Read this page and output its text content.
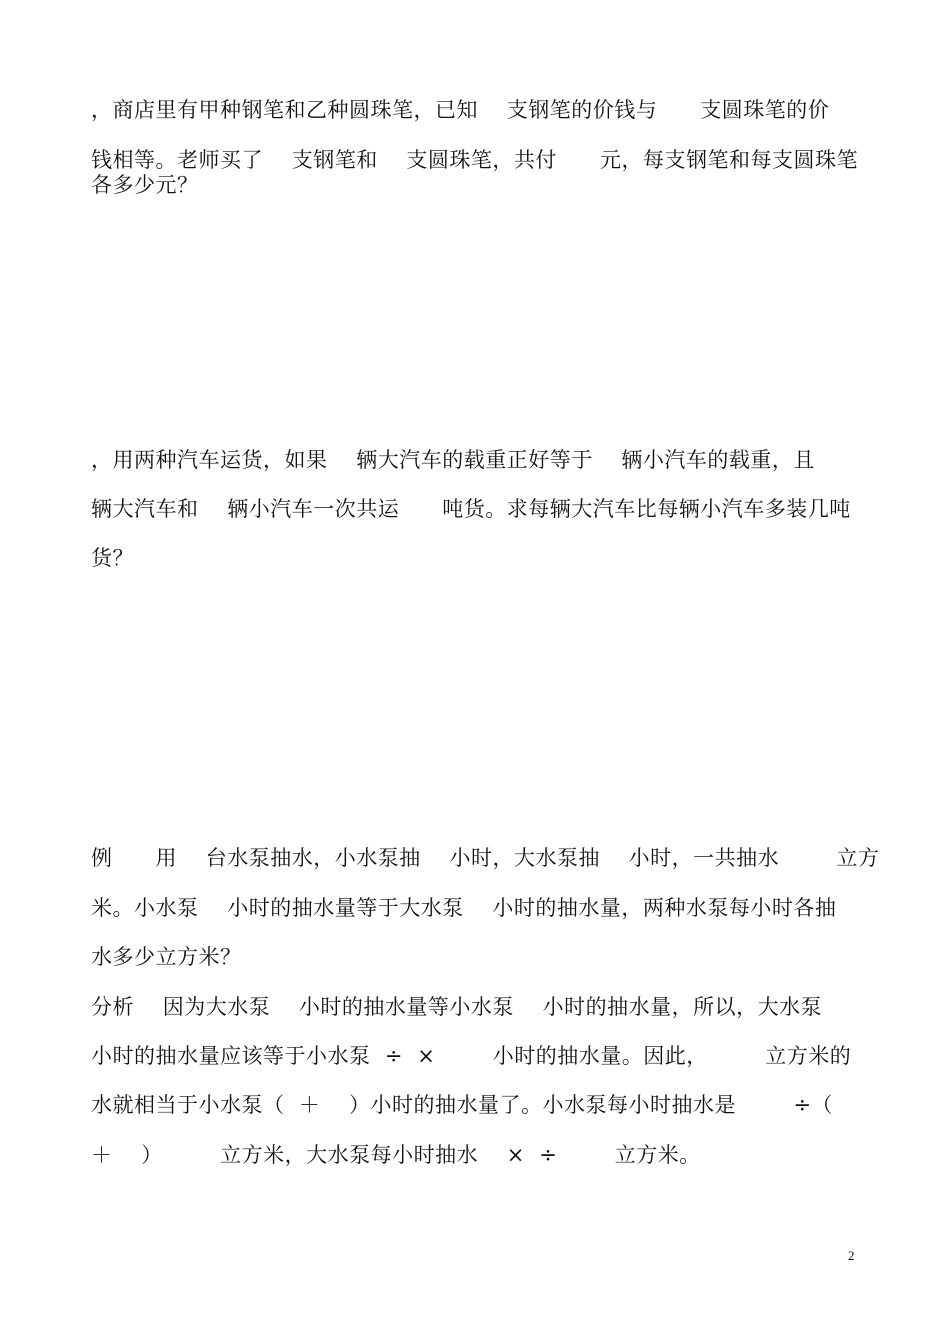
，商店里有甲种钢笔和乙种圆珠笔，已知    支钢笔的价钱与      支圆珠笔的价
钱相等。老师买了    支钢笔和    支圆珠笔，共付      元，每支钢笔和每支圆珠笔
各多少元？
，用两种汽车运货，如果    辆大汽车的载重正好等于    辆小汽车的载重，且
辆大汽车和    辆小汽车一次共运      吨货。求每辆大汽车比每辆小汽车多装几吨
货？
例      用    台水泵抽水，小水泵抽    小时，大水泵抽    小时，一共抽水        立方
米。小水泵    小时的抽水量等于大水泵    小时的抽水量，两种水泵每小时各抽
水多少立方米？
分析    因为大水泵    小时的抽水量等小水泵    小时的抽水量，所以，大水泵
小时的抽水量应该等于小水泵  ÷  ×        小时的抽水量。因此，        立方米的
水就相当于小水泵（  ＋    ）小时的抽水量了。小水泵每小时抽水是        ÷（
＋    ）        立方米，大水泵每小时抽水    ×  ÷        立方米。
2
